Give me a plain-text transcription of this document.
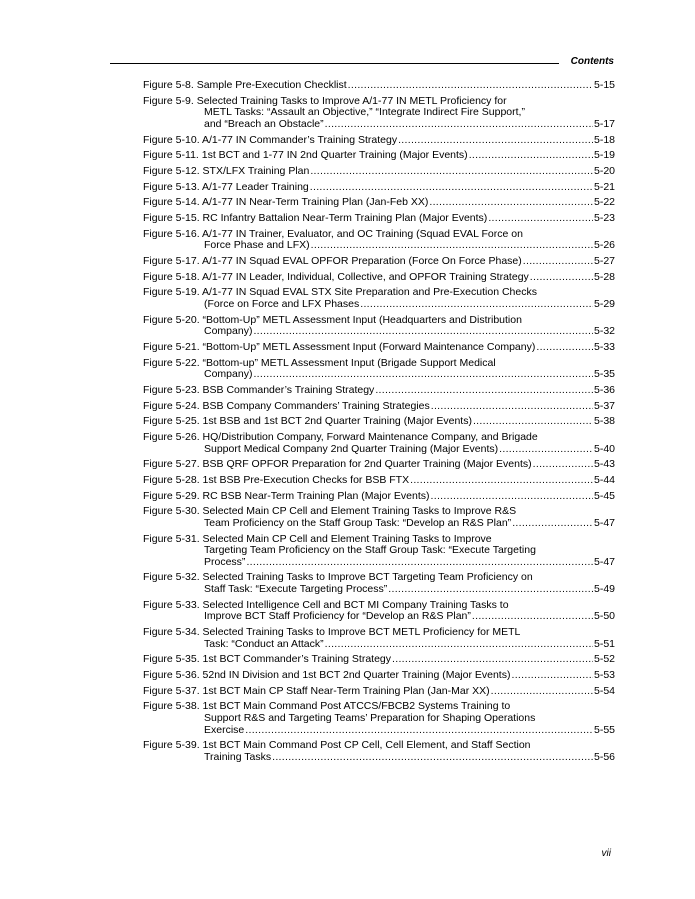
Contents
Figure 5-8. Sample Pre-Execution Checklist .....	5-15
Figure 5-9. Selected Training Tasks to Improve A/1-77 IN METL Proficiency for
METL Tasks: “Assault an Objective,” “Integrate Indirect Fire Support,”
and “Breach an Obstacle” .....	5-17
Figure 5-10. A/1-77 IN Commander’s Training Strategy .....	5-18
Figure 5-11. 1st BCT and 1-77 IN 2nd Quarter Training (Major Events) .....	5-19
Figure 5-12. STX/LFX Training Plan .....	5-20
Figure 5-13. A/1-77 Leader Training .....	5-21
Figure 5-14. A/1-77 IN Near-Term Training Plan (Jan-Feb XX) .....	5-22
Figure 5-15. RC Infantry Battalion Near-Term Training Plan (Major Events) .....	5-23
Figure 5-16. A/1-77 IN Trainer, Evaluator, and OC Training (Squad EVAL Force on
Force Phase and LFX) .....	5-26
Figure 5-17. A/1-77 IN Squad EVAL OPFOR Preparation (Force On Force Phase) .....	5-27
Figure 5-18. A/1-77 IN Leader, Individual, Collective, and OPFOR Training Strategy .....	5-28
Figure 5-19. A/1-77 IN Squad EVAL STX Site Preparation and Pre-Execution Checks
(Force on Force and LFX Phases .....	5-29
Figure 5-20. “Bottom-Up” METL Assessment Input (Headquarters and Distribution
Company) .....	5-32
Figure 5-21. “Bottom-Up” METL Assessment Input (Forward Maintenance Company) .....	5-33
Figure 5-22. “Bottom-up” METL Assessment Input (Brigade Support Medical
Company) .....	5-35
Figure 5-23. BSB Commander’s Training Strategy .....	5-36
Figure 5-24. BSB Company Commanders’ Training Strategies .....	5-37
Figure 5-25. 1st BSB and 1st BCT 2nd Quarter Training (Major Events) .....	5-38
Figure 5-26. HQ/Distribution Company, Forward Maintenance Company, and Brigade
Support Medical Company 2nd Quarter Training (Major Events) .....	5-40
Figure 5-27. BSB QRF OPFOR Preparation for 2nd Quarter Training (Major Events) .....	5-43
Figure 5-28. 1st BSB Pre-Execution Checks for BSB FTX .....	5-44
Figure 5-29. RC BSB Near-Term Training Plan (Major Events) .....	5-45
Figure 5-30. Selected Main CP Cell and Element Training Tasks to Improve R&S
Team Proficiency on the Staff Group Task: “Develop an R&S Plan” .....	5-47
Figure 5-31. Selected Main CP Cell and Element Training Tasks to Improve
Targeting Team Proficiency on the Staff Group Task: “Execute Targeting
Process” .....	5-47
Figure 5-32. Selected Training Tasks to Improve BCT Targeting Team Proficiency on
Staff Task: “Execute Targeting Process” .....	5-49
Figure 5-33. Selected Intelligence Cell and BCT MI Company Training Tasks to
Improve BCT Staff Proficiency for “Develop an R&S Plan” .....	5-50
Figure 5-34. Selected Training Tasks to Improve BCT METL Proficiency for METL
Task: “Conduct an Attack” .....	5-51
Figure 5-35. 1st BCT Commander’s Training Strategy .....	5-52
Figure 5-36. 52nd IN Division and 1st BCT 2nd Quarter Training (Major Events) .....	5-53
Figure 5-37. 1st BCT Main CP Staff Near-Term Training Plan (Jan-Mar XX) .....	5-54
Figure 5-38. 1st BCT Main Command Post ATCCS/FBCB2 Systems Training to
Support R&S and Targeting Teams’ Preparation for Shaping Operations
Exercise .....	5-55
Figure 5-39. 1st BCT Main Command Post CP Cell, Cell Element, and Staff Section
Training Tasks .....	5-56
vii
